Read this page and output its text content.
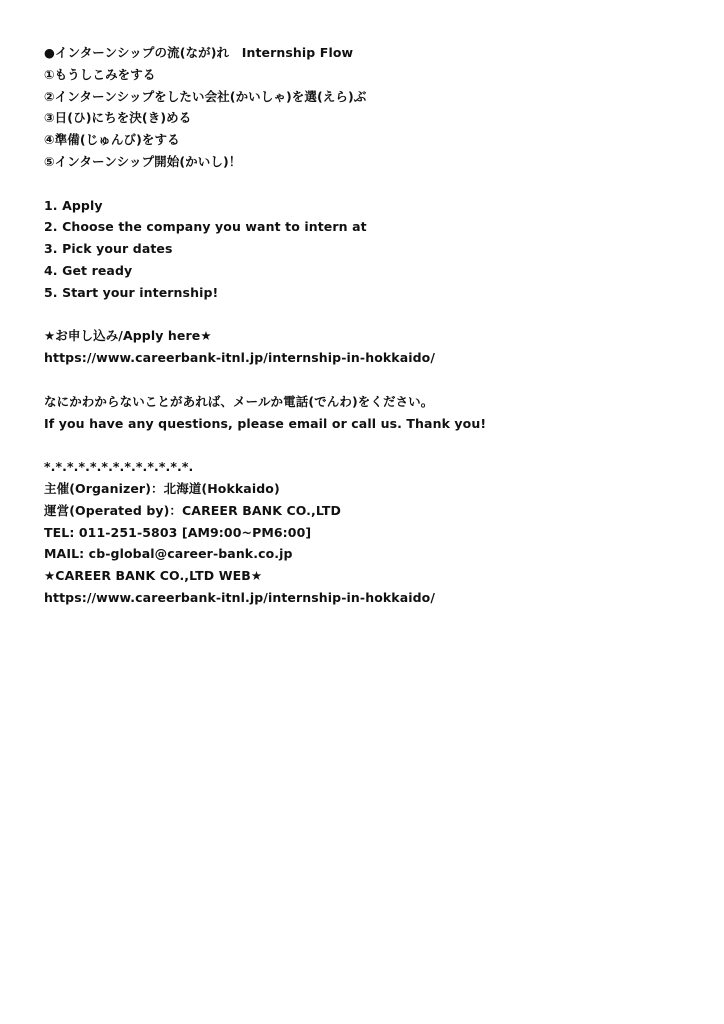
●インターンシップの流(なが)れ　Internship Flow
①もうしこみをする
②インターンシップをしたい会社(かいしゃ)を選(えら)ぶ
③日(ひ)にちを決(き)める
④準備(じゅんび)をする
⑤インターンシップ開始(かいし)！
1. Apply
2. Choose the company you want to intern at
3. Pick your dates
4. Get ready
5. Start your internship!
★お申し込み/Apply here★
https://www.careerbank-itnl.jp/internship-in-hokkaido/
なにかわからないことがあれば、メールか電話(でんわ)をください。
If you have any questions, please email or call us. Thank you!
*.*.*.*.*.*.*.*.*.*.*.*.*.
主催(Organizer)：北海道(Hokkaido)
運営(Operated by)：CAREER BANK CO.,LTD
TEL: 011-251-5803 [AM9:00~PM6:00]
MAIL: cb-global@career-bank.co.jp
★CAREER BANK CO.,LTD WEB★
https://www.careerbank-itnl.jp/internship-in-hokkaido/
